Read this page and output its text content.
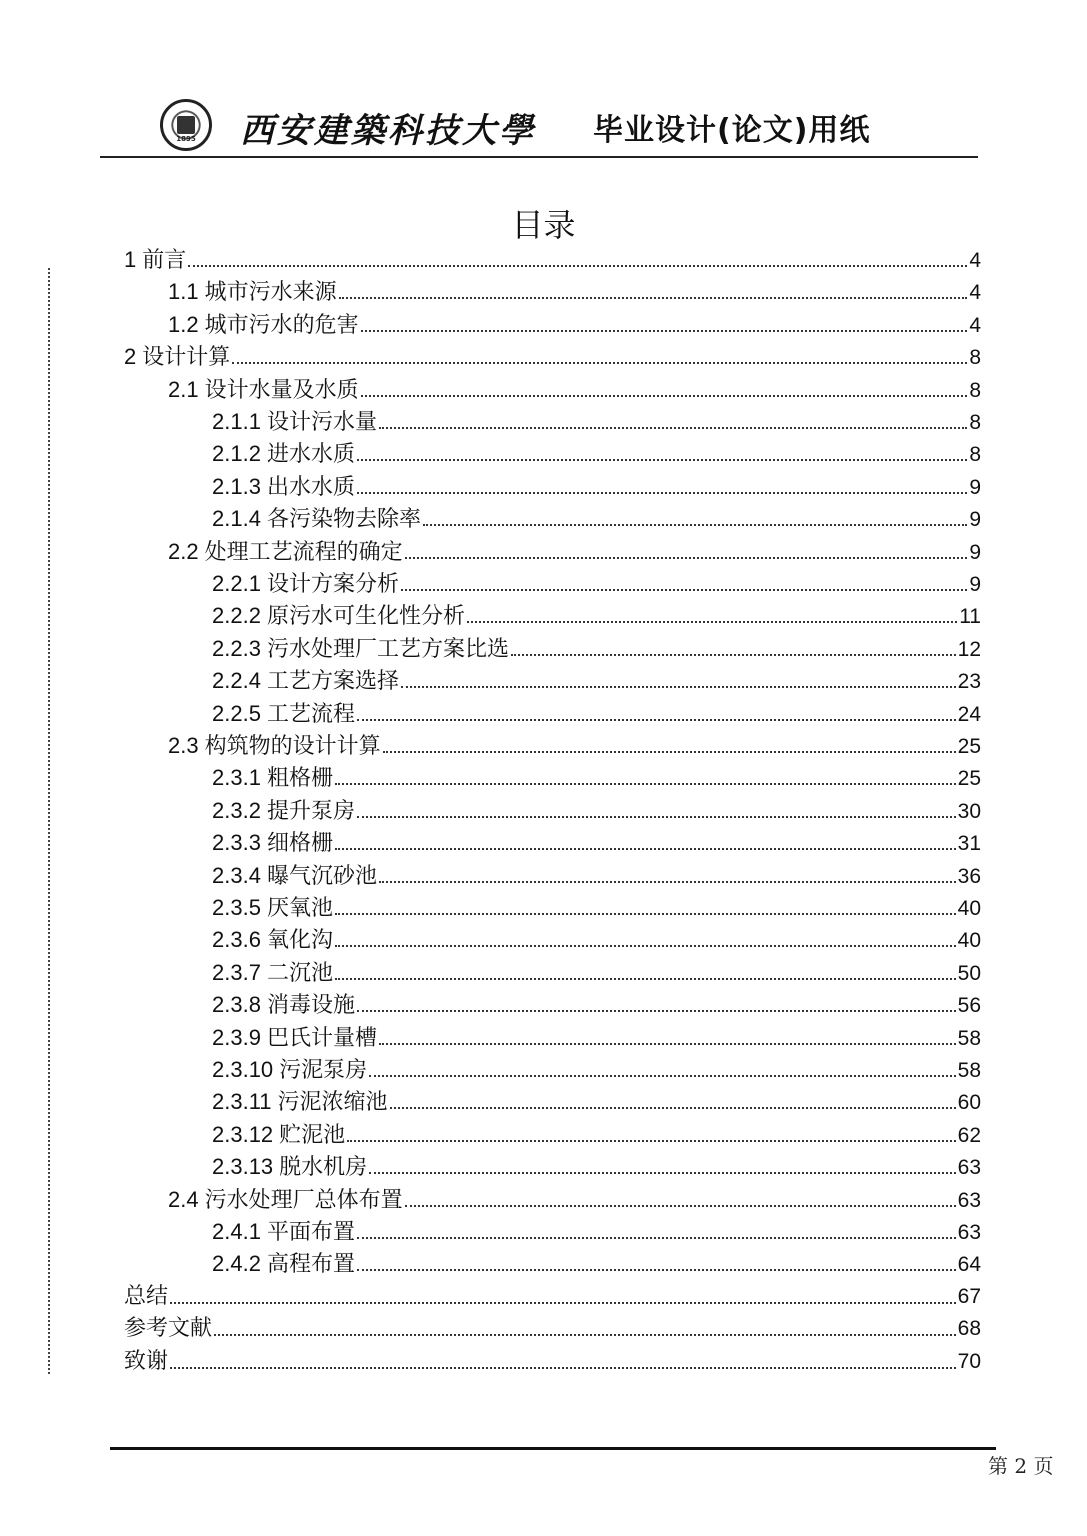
1895	西安建築科技大學 毕业设计(论文)用纸
目录
1 前言	4
1.1 城市污水来源	4
1.2 城市污水的危害	4
2 设计计算	8
2.1 设计水量及水质	8
2.1.1 设计污水量	8
2.1.2 进水水质	8
2.1.3 出水水质	9
2.1.4 各污染物去除率	9
2.2 处理工艺流程的确定	9
2.2.1 设计方案分析	9
2.2.2 原污水可生化性分析	11
2.2.3 污水处理厂工艺方案比选	12
2.2.4 工艺方案选择	23
2.2.5 工艺流程	24
2.3 构筑物的设计计算	25
2.3.1 粗格栅	25
2.3.2 提升泵房	30
2.3.3 细格栅	31
2.3.4 曝气沉砂池	36
2.3.5 厌氧池	40
2.3.6 氧化沟	40
2.3.7 二沉池	50
2.3.8 消毒设施	56
2.3.9 巴氏计量槽	58
2.3.10 污泥泵房	58
2.3.11 污泥浓缩池	60
2.3.12 贮泥池	62
2.3.13 脱水机房	63
2.4 污水处理厂总体布置	63
2.4.1 平面布置	63
2.4.2 高程布置	64
总结	67
参考文献	68
致谢	70
第 2 页
